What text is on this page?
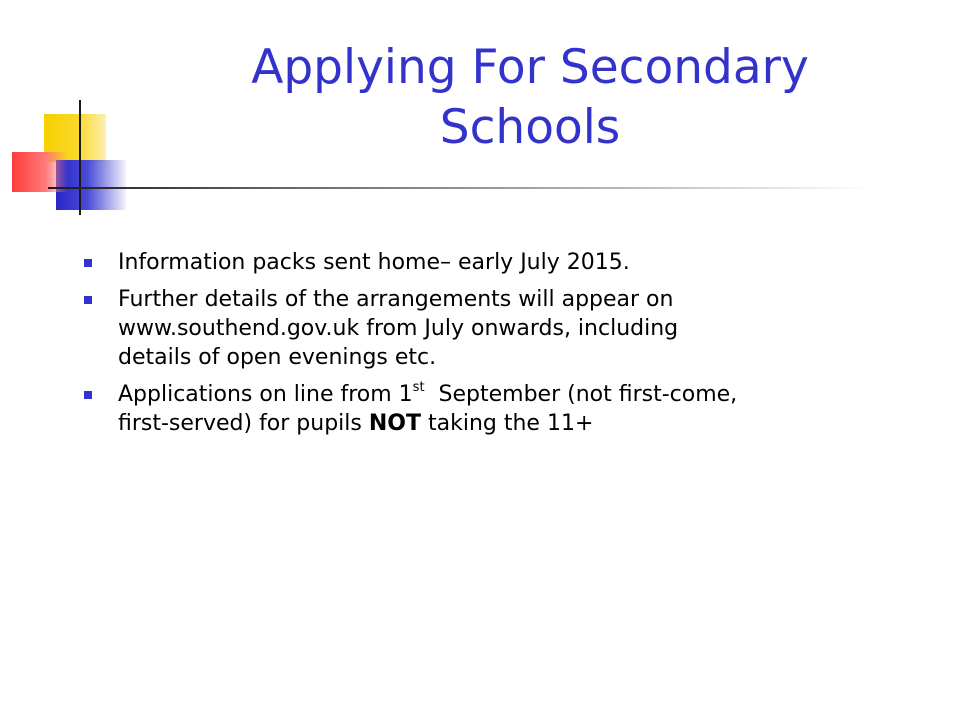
Applying For Secondary
Schools
Information packs sent home– early July 2015.
Further details of the arrangements will appear on
www.southend.gov.uk from July onwards, including
details of open evenings etc.
Applications on line from 1st  September (not first-come,
first-served) for pupils NOT taking the 11+
